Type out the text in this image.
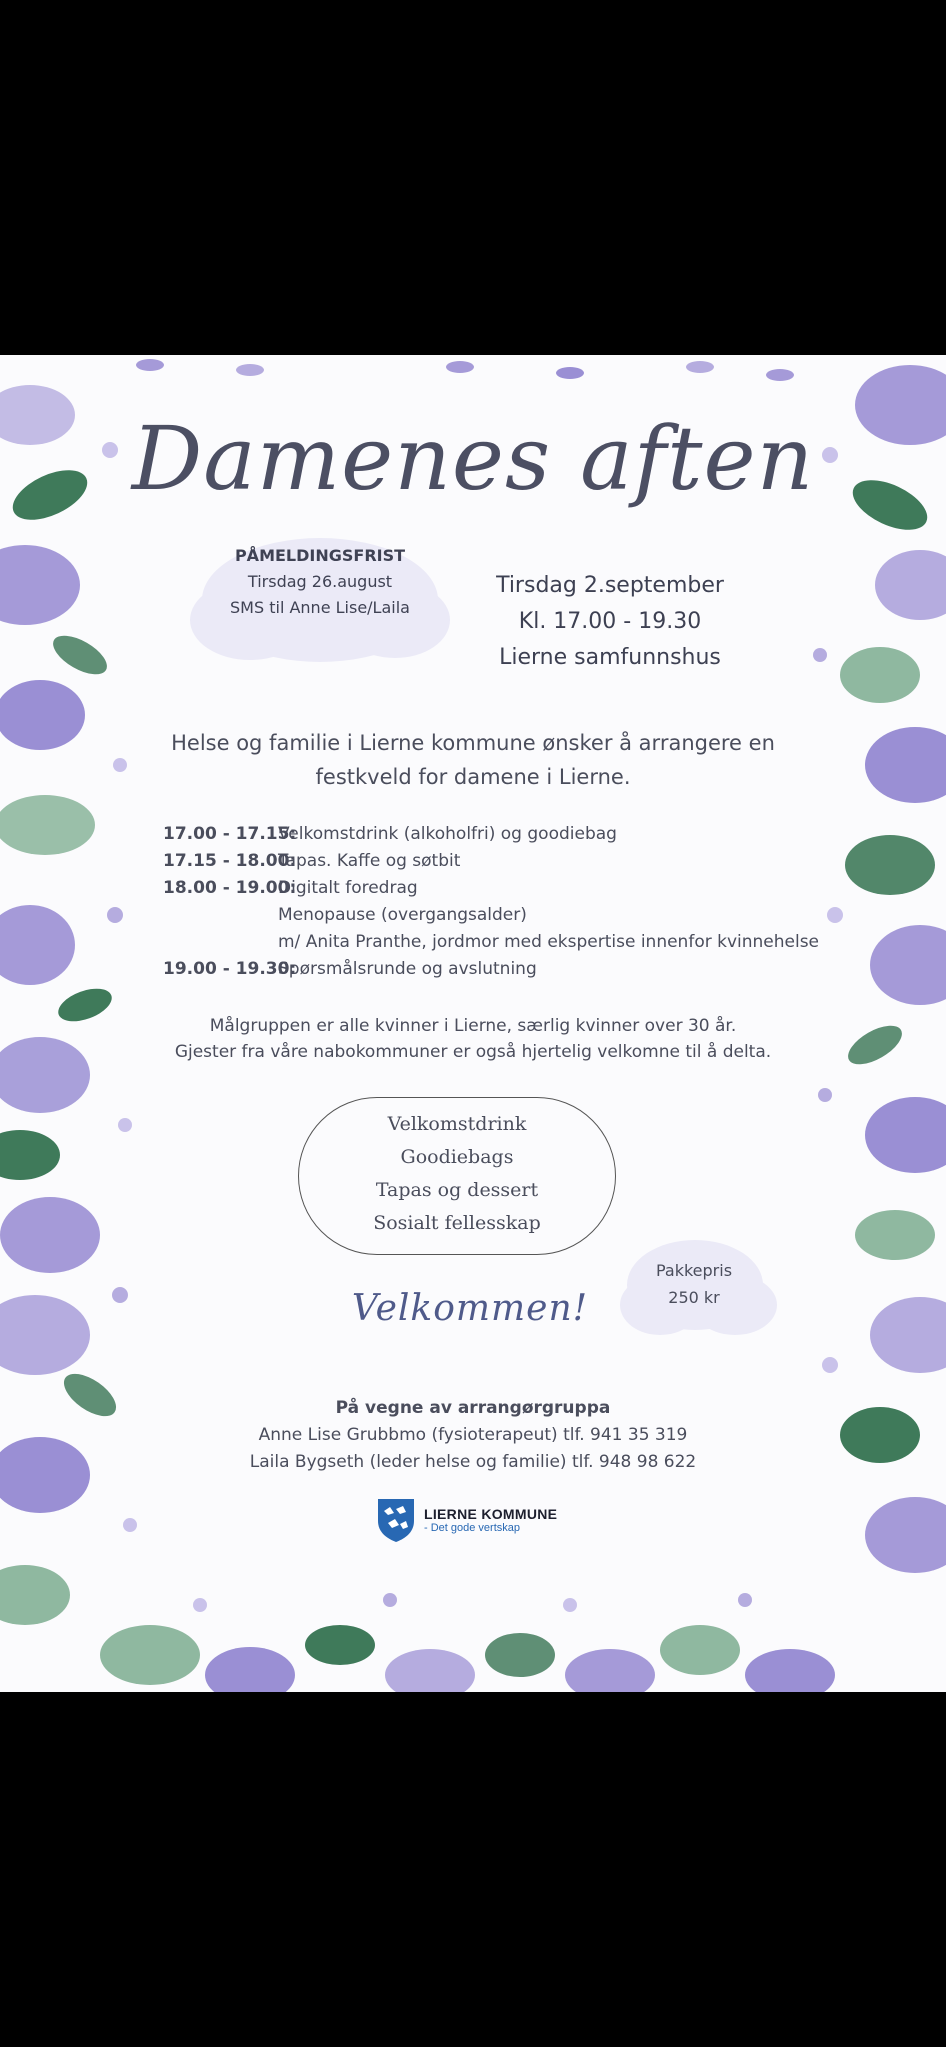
Damenes aften
PÅMELDINGSFRIST
Tirsdag 26.august
SMS til Anne Lise/Laila
Tirsdag 2.september
Kl. 17.00 - 19.30
Lierne samfunnshus
Helse og familie i Lierne kommune ønsker å arrangere en festkveld for damene i Lierne.
17.00 - 17.15:
Velkomstdrink (alkoholfri) og goodiebag
17.15 - 18.00:
Tapas. Kaffe og søtbit
18.00 - 19.00:
Digitalt foredrag
Menopause (overgangsalder)
m/ Anita Pranthe, jordmor med ekspertise innenfor kvinnehelse
19.00 - 19.30:
Spørsmålsrunde og avslutning
Målgruppen er alle kvinner i Lierne, særlig kvinner over 30 år.
Gjester fra våre nabokommuner er også hjertelig velkomne til å delta.
Velkomstdrink
Goodiebags
Tapas og dessert
Sosialt fellesskap
Pakkepris
250 kr
Velkommen!
På vegne av arrangørgruppa
Anne Lise Grubbmo (fysioterapeut) tlf. 941 35 319
Laila Bygseth (leder helse og familie) tlf. 948 98 622
LIERNE KOMMUNE
- Det gode vertskap
